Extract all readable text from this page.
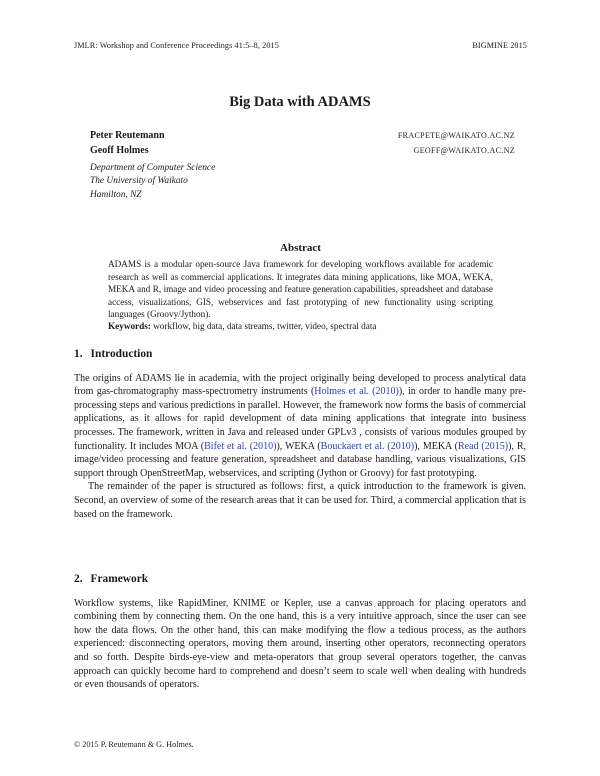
JMLR: Workshop and Conference Proceedings 41:5–8, 2015	BIGMINE 2015
Big Data with ADAMS
Peter Reutemann	FRACPETE@WAIKATO.AC.NZ
Geoff Holmes	GEOFF@WAIKATO.AC.NZ
Department of Computer Science
The University of Waikato
Hamilton, NZ
Abstract
ADAMS is a modular open-source Java framework for developing workflows available for academic research as well as commercial applications. It integrates data mining applications, like MOA, WEKA, MEKA and R, image and video processing and feature generation capabilities, spreadsheet and database access, visualizations, GIS, webservices and fast prototyping of new functionality using scripting languages (Groovy/Jython).
Keywords: workflow, big data, data streams, twitter, video, spectral data
1. Introduction

The origins of ADAMS lie in academia, with the project originally being developed to process analytical data from gas-chromatography mass-spectrometry instruments (Holmes et al. (2010)), in order to handle many pre-processing steps and various predictions in parallel. However, the framework now forms the basis of commercial applications, as it allows for rapid development of data mining applications that integrate into business processes. The framework, written in Java and released under GPLv3 , consists of various modules grouped by functionality. It includes MOA (Bifet et al. (2010)), WEKA (Bouckaert et al. (2010)), MEKA (Read (2015)), R, image/video processing and feature generation, spreadsheet and database handling, various visualizations, GIS support through OpenStreetMap, webservices, and scripting (Jython or Groovy) for fast prototyping.

The remainder of the paper is structured as follows: first, a quick introduction to the framework is given. Second, an overview of some of the research areas that it can be used for. Third, a commercial application that is based on the framework.

2. Framework

Workflow systems, like RapidMiner, KNIME or Kepler, use a canvas approach for placing operators and combining them by connecting them. On the one hand, this is a very intuitive approach, since the user can see how the data flows. On the other hand, this can make modifying the flow a tedious process, as the authors experienced: disconnecting operators, moving them around, inserting other operators, reconnecting operators and so forth. Despite birds-eye-view and meta-operators that group several operators together, the canvas approach can quickly become hard to comprehend and doesn’t seem to scale well when dealing with hundreds or even thousands of operators.

© 2015 P. Reutemann & G. Holmes.
